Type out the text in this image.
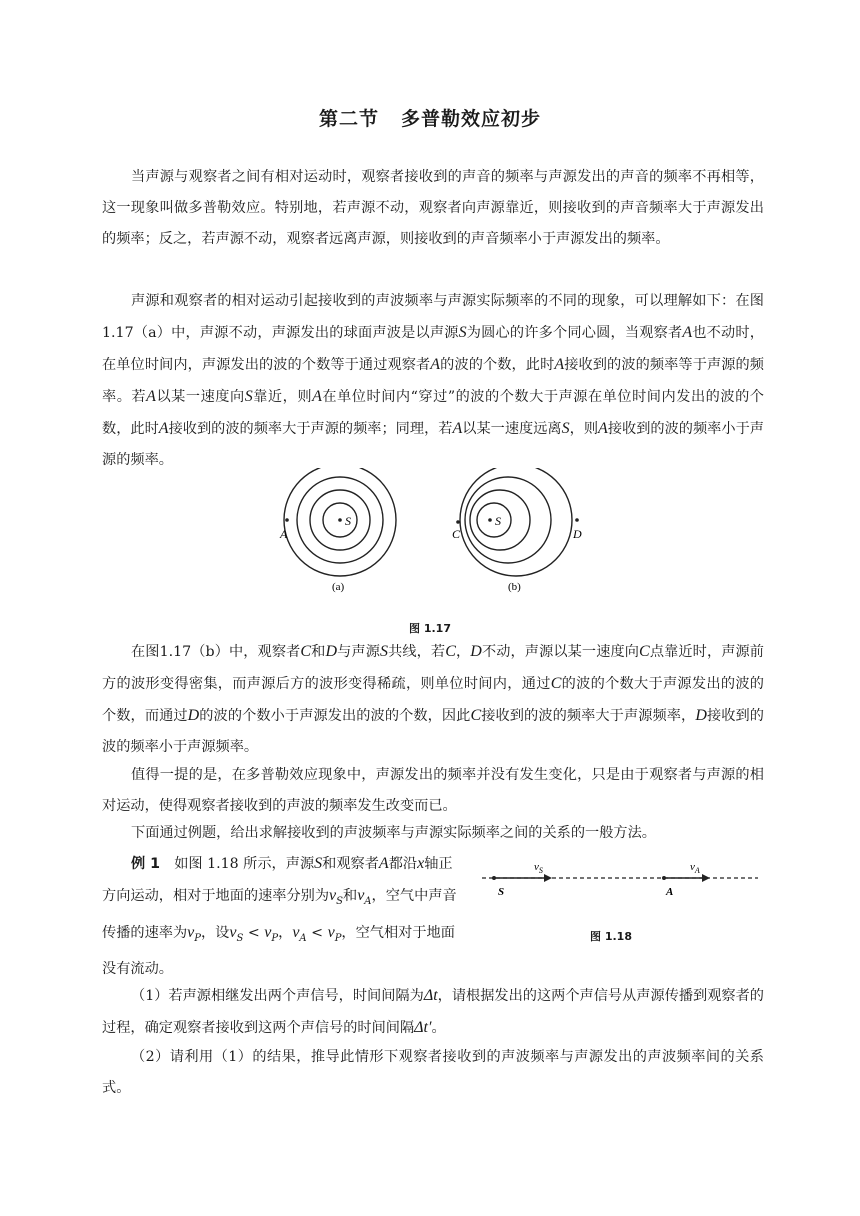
第二节 多普勒效应初步

当声源与观察者之间有相对运动时，观察者接收到的声音的频率与声源发出的声音的频率不再相等，这一现象叫做多普勒效应。特别地，若声源不动，观察者向声源靠近，则接收到的声音频率大于声源发出的频率；反之，若声源不动，观察者远离声源，则接收到的声音频率小于声源发出的频率。

声源和观察者的相对运动引起接收到的声波频率与声源实际频率的不同的现象，可以理解如下：在图 1.17（a）中，声源不动，声源发出的球面声波是以声源S为圆心的许多个同心圆，当观察者A也不动时，在单位时间内，声源发出的波的个数等于通过观察者A的波的个数，此时A接收到的波的频率等于声源的频率。若A以某一速度向S靠近，则A在单位时间内“穿过”的波的个数大于声源在单位时间内发出的波的个数，此时A接收到的波的频率大于声源的频率；同理，若A以某一速度远离S，则A接收到的波的频率小于声源的频率。

S
A
(a)
S
C	D
(b)
图 1.17

在图1.17（b）中，观察者C和D与声源S共线，若C，D不动，声源以某一速度向C点靠近时，声源前方的波形变得密集，而声源后方的波形变得稀疏，则单位时间内，通过C的波的个数大于声源发出的波的个数，而通过D的波的个数小于声源发出的波的个数，因此C接收到的波的频率大于声源频率，D接收到的波的频率小于声源频率。

值得一提的是，在多普勒效应现象中，声源发出的频率并没有发生变化，只是由于观察者与声源的相对运动，使得观察者接收到的声波的频率发生改变而已。

下面通过例题，给出求解接收到的声波频率与声源实际频率之间的关系的一般方法。

例 1　 如图 1.18 所示，声源S和观察者A都沿x轴正方向运动，相对于地面的速率分别为$v_S$和$v_A$，空气中声音传播的速率为$v_P$，设$v_S < v_P$，$v_A < v_P$，空气相对于地面没有流动。

S	A
$v_S$	$v_A$
图 1.18

（1）若声源相继发出两个声信号，时间间隔为Δt，请根据发出的这两个声信号从声源传播到观察者的过程，确定观察者接收到这两个声信号的时间间隔Δt′。

（2）请利用（1）的结果，推导此情形下观察者接收到的声波频率与声源发出的声波频率间的关系式。
